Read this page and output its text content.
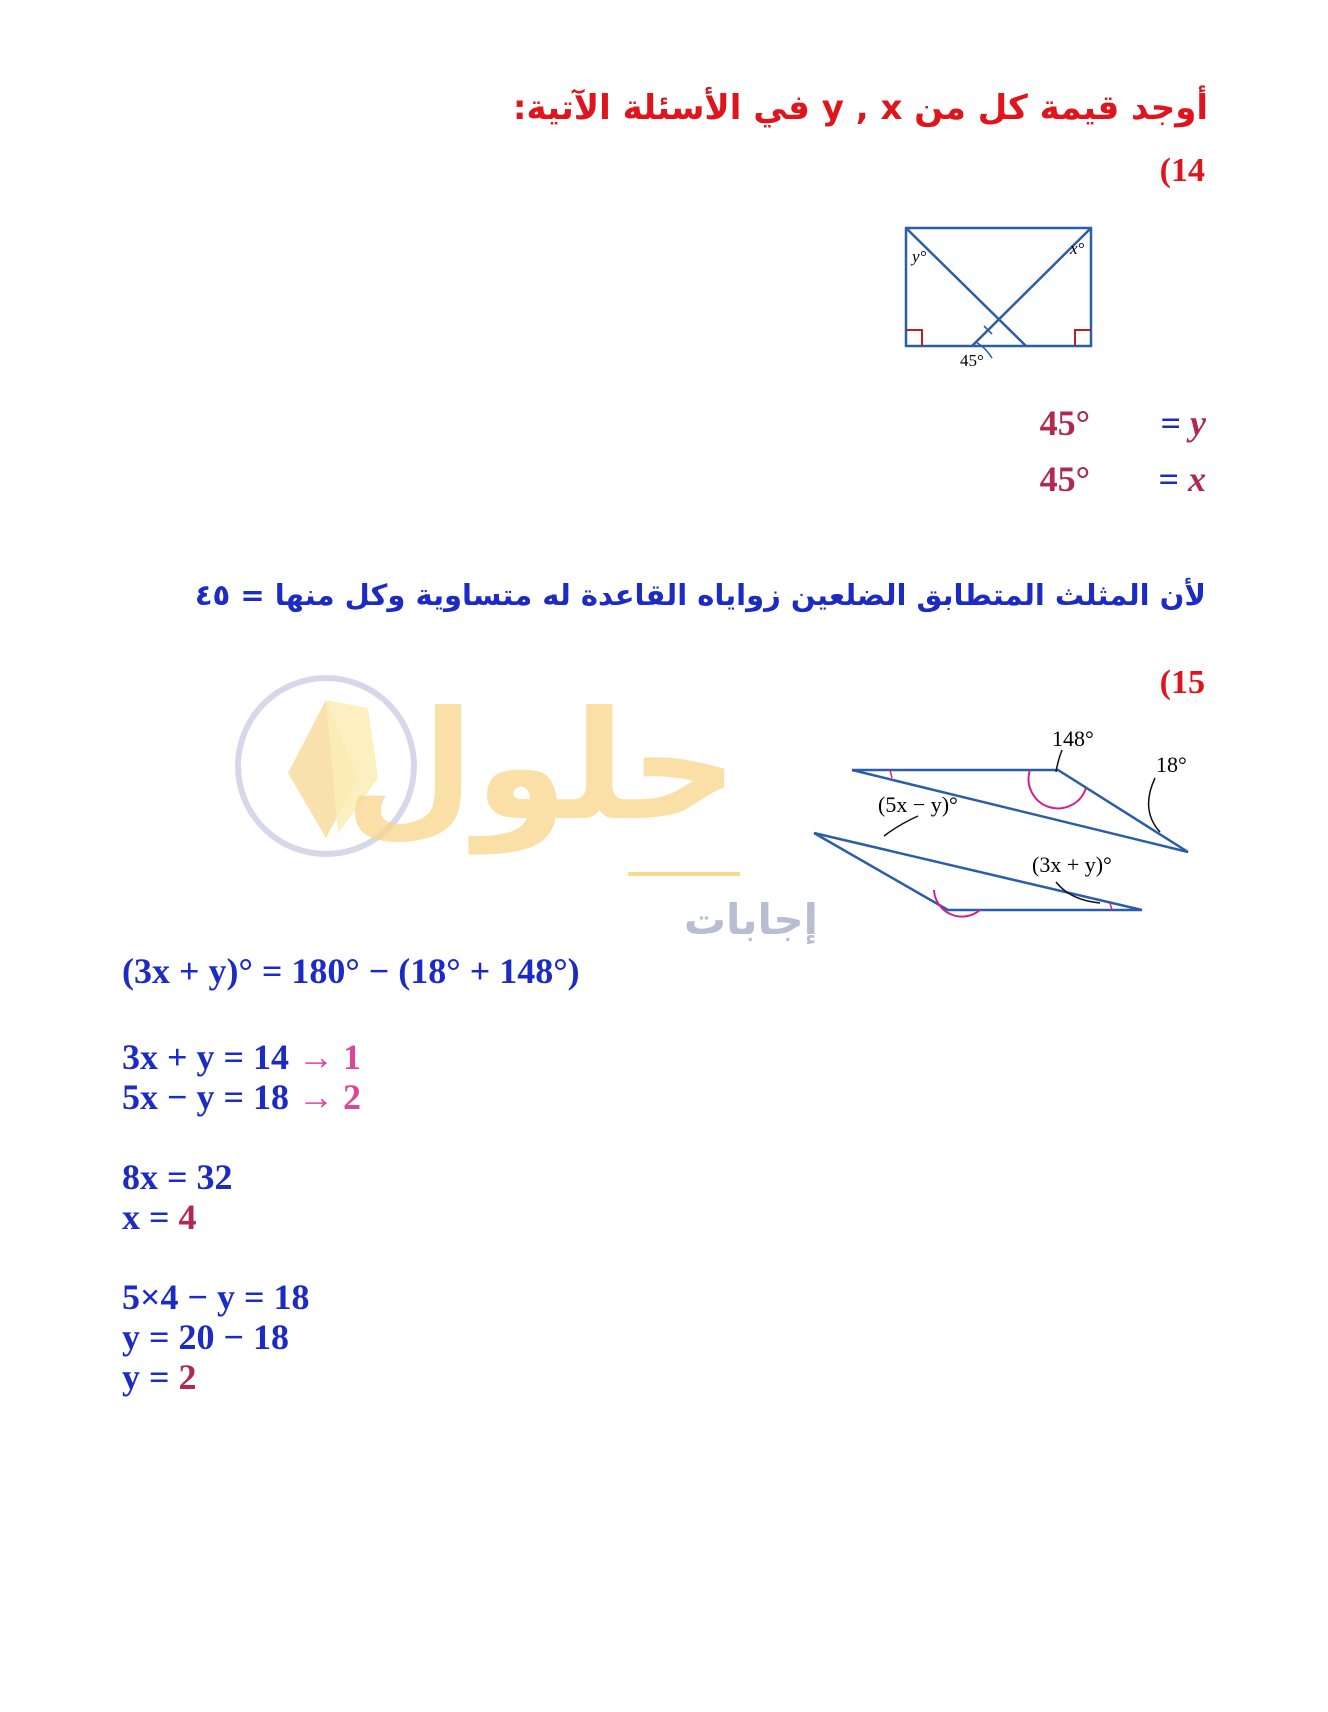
أوجد قيمة كل من y , x في الأسئلة الآتية:
(14
y°	x°
45°
45° = y
45° = x
لأن المثلث المتطابق الضلعين زواياه القاعدة له متساوية وكل منها = ٤٥
(15
حلول
إجابات
148°
18°
(5x − y)°
(3x + y)°
(3x + y)° = 180° − (18° + 148°)
3x + y = 14 → 1
5x − y = 18 → 2
8x = 32
x = 4
5×4 − y = 18
y = 20 − 18
y = 2
